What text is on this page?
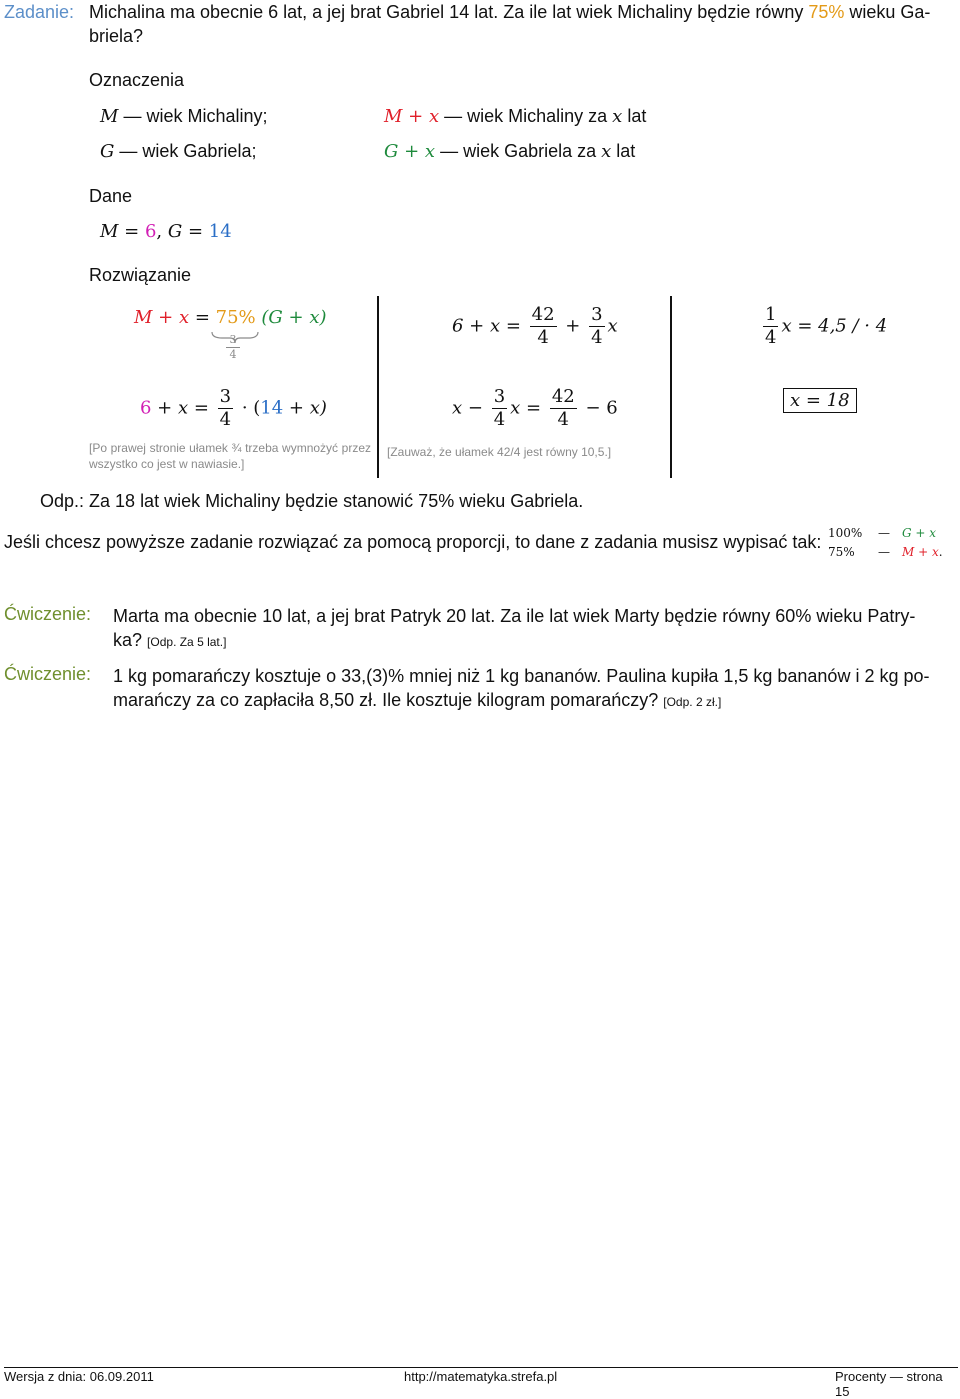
Zadanie: Michalina ma obecnie 6 lat, a jej brat Gabriel 14 lat. Za ile lat wiek Michaliny będzie równy 75% wieku Ga-
briela?
Oznaczenia
M — wiek Michaliny;
G — wiek Gabriela;
M + x — wiek Michaliny za x lat
G + x — wiek Gabriela za x lat
Dane
M = 6, G = 14
Rozwiązanie
M + x = 75% (G + x)
$\frac{3}{4}$
$6 + x = \frac{3}{4} \cdot (14 + x)$
[Po prawej stronie ułamek ¾ trzeba wymnożyć przez wszystko co jest w nawiasie.]
$6 + x = \frac{42}{4} + \frac{3}{4}$ x
$x - \frac{3}{4}$ $x = \frac{42}{4} - 6$
[Zauważ, że ułamek 42/4 jest równy 10,5.]
$\frac{1}{4}$ x = 4,5 / · 4
x = 18
Odp.: Za 18 lat wiek Michaliny będzie stanowić 75% wieku Gabriela.
Jeśli chcesz powyższe zadanie rozwiązać za pomocą proporcji, to dane z zadania musisz wypisać tak: 100% — G + x
75% — M + x.
Ćwiczenie: Marta ma obecnie 10 lat, a jej brat Patryk 20 lat. Za ile lat wiek Marty będzie równy 60% wieku Patry-
ka? [Odp. Za 5 lat.]
Ćwiczenie: 1 kg pomarańczy kosztuje o 33,(3)% mniej niż 1 kg bananów. Paulina kupiła 1,5 kg bananów i 2 kg po-
marańczy za co zapłaciła 8,50 zł. Ile kosztuje kilogram pomarańczy? [Odp. 2 zł.]
Wersja z dnia: 06.09.2011	http://matematyka.strefa.pl	Procenty — strona 15
